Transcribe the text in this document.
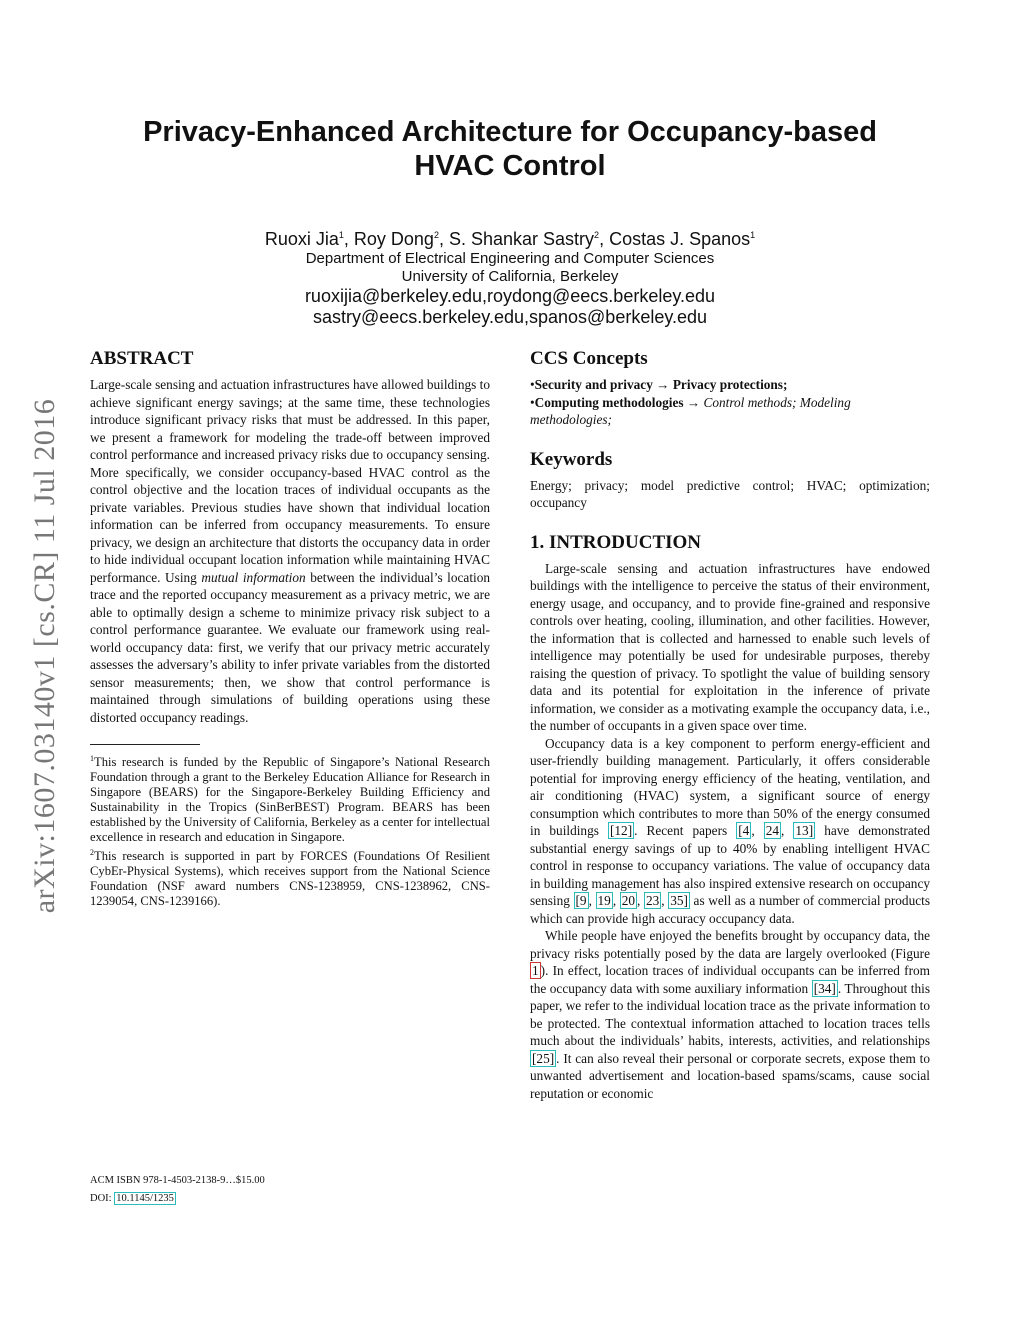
arXiv:1607.03140v1 [cs.CR] 11 Jul 2016
Privacy-Enhanced Architecture for Occupancy-based
HVAC Control
Ruoxi Jia$^1$, Roy Dong$^2$, S. Shankar Sastry$^2$, Costas J. Spanos$^1$
Department of Electrical Engineering and Computer Sciences
University of California, Berkeley
ruoxijia@berkeley.edu,roydong@eecs.berkeley.edu
sastry@eecs.berkeley.edu,spanos@berkeley.edu
ABSTRACT

Large-scale sensing and actuation infrastructures have allowed buildings to achieve significant energy savings; at the same time, these technologies introduce significant privacy risks that must be addressed. In this paper, we present a framework for modeling the trade-off between improved control performance and increased privacy risks due to occupancy sensing. More specifically, we consider occupancy-based HVAC control as the control objective and the location traces of individual occupants as the private variables. Previous studies have shown that individual location information can be inferred from occupancy measurements. To ensure privacy, we design an architecture that distorts the occupancy data in order to hide individual occupant location information while maintaining HVAC performance. Using mutual information between the individual’s location trace and the reported occupancy measurement as a privacy metric, we are able to optimally design a scheme to minimize privacy risk subject to a control performance guarantee. We evaluate our framework using real-world occupancy data: first, we verify that our privacy metric accurately assesses the adversary’s ability to infer private variables from the distorted sensor measurements; then, we show that control performance is maintained through simulations of building operations using these distorted occupancy readings.

$^1$This research is funded by the Republic of Singapore’s National Research Foundation through a grant to the Berkeley Education Alliance for Research in Singapore (BEARS) for the Singapore-Berkeley Building Efficiency and Sustainability in the Tropics (SinBerBEST) Program. BEARS has been established by the University of California, Berkeley as a center for intellectual excellence in research and education in Singapore.

$^2$This research is supported in part by FORCES (Foundations Of Resilient CybEr-Physical Systems), which receives support from the National Science Foundation (NSF award numbers CNS-1238959, CNS-1238962, CNS-1239054, CNS-1239166).

ACM ISBN 978-1-4503-2138-9…$15.00
DOI: 10.1145/1235
CCS Concepts

•Security and privacy → Privacy protections;

•Computing methodologies → Control methods; Modeling methodologies;

Keywords

Energy; privacy; model predictive control; HVAC; optimization; occupancy

1. INTRODUCTION

Large-scale sensing and actuation infrastructures have endowed buildings with the intelligence to perceive the status of their environment, energy usage, and occupancy, and to provide fine-grained and responsive controls over heating, cooling, illumination, and other facilities. However, the information that is collected and harnessed to enable such levels of intelligence may potentially be used for undesirable purposes, thereby raising the question of privacy. To spotlight the value of building sensory data and its potential for exploitation in the inference of private information, we consider as a motivating example the occupancy data, i.e., the number of occupants in a given space over time.

Occupancy data is a key component to perform energy-efficient and user-friendly building management. Particularly, it offers considerable potential for improving energy efficiency of the heating, ventilation, and air conditioning (HVAC) system, a significant source of energy consumption which contributes to more than 50% of the energy consumed in buildings [12] . Recent papers [4 , 24 , 13] have demonstrated substantial energy savings of up to 40% by enabling intelligent HVAC control in response to occupancy variations. The value of occupancy data in building management has also inspired extensive research on occupancy sensing [9 , 19 , 20 , 23 , 35] as well as a number of commercial products which can provide high accuracy occupancy data.

While people have enjoyed the benefits brought by occupancy data, the privacy risks potentially posed by the data are largely overlooked (Figure 1 ). In effect, location traces of individual occupants can be inferred from the occupancy data with some auxiliary information [34] . Throughout this paper, we refer to the individual location trace as the private information to be protected. The contextual information attached to location traces tells much about the individuals’ habits, interests, activities, and relationships [25] . It can also reveal their personal or corporate secrets, expose them to unwanted advertisement and location-based spams/scams, cause social reputation or economic
